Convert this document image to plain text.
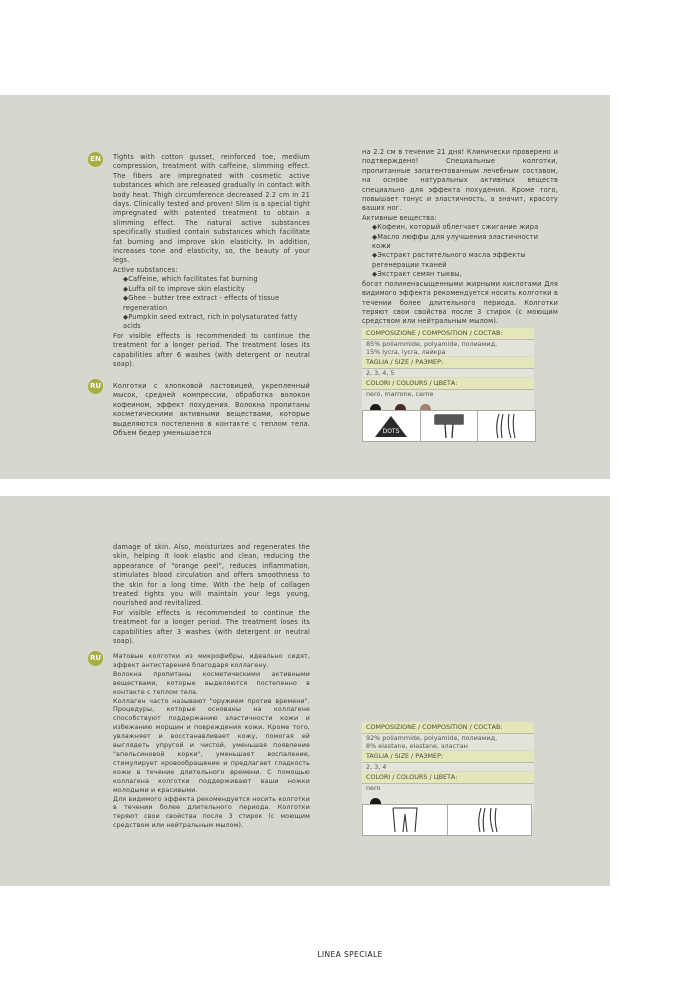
EN	Tights with cotton gusset, reinforced toe, medium compression, treatment with caffeine, slimming effect. The fibers are impregnated with cosmetic active substances which are released gradually in contact with body heat. Thigh circumference decreased 2.2 cm in 21 days. Clinically tested and proven! Slim is a special tight impregnated with patented treatment to obtain a slimming effect. The natural active substances specifically studied contain substances which facilitate fat burning and improve skin elasticity. In addition, increases tone and elasticity, so, the beauty of your legs.

Active substances:

◆Caffeine, which facilitates fat burning

◆Luffa oil to improve skin elasticity

◆Ghee - butter tree extract - effects of tissue regeneration

◆Pumpkin seed extract, rich in polysaturated fatty acids

For visible effects is recommended to continue the treatment for a longer period. The treatment loses its capabilities after 6 washes (with detergent or neutral soap).

RU Колготки с хлопковой ластовицей, укрепленный мысок, средней компрессии, обработка волокон кофеином, эффект похудения. Волокна пропитаны косметическими активными веществами, которые выделяются постепенно в контакте с теплом тела. Объем бедер уменьшается

на 2.2 см в течение 21 дня! Клинически проверено и подтверждено! Специальные колготки, пропитанные запатентованным лечебным составом, на основе натуральных активных веществ специально для эффекта похудения. Кроме того, повышает тонус и эластичность, а значит, красоту ваших ног.

Активные вещества:

◆Кофеин, который облегчает сжигание жира

◆Масло люффы для улучшения эластичности кожи

◆Экстракт растительного масла эффекты регенерации тканей

◆Экстракт семян тыквы,

богат полиненасыщенными жирными кислотами Для видимого эффекта рекомендуется носить колготки в течении более длительного периода. Колготки теряют свои свойства после 3 стирок (с моющим средством или нейтральным мылом).

COMPOSIZIONE / COMPOSITION / СОСТАВ:
85% poliammide, polyamide, полиамид,
15% lycra, lycra, лайкра
TAGLIA / SIZE / РАЗМЕР:
2, 3, 4, 5
COLORI / COLOURS / ЦВЕТА:
nero, marrone, carne
DOTS

damage of skin. Also, moisturizes and regenerates the skin, helping it look elastic and clean, reducing the appearance of "orange peel", reduces inflammation, stimulates blood circulation and offers smoothness to the skin for a long time. With the help of collagen treated tights you will maintain your legs young, nourished and revitalized.

For visible effects is recommended to continue the treatment for a longer period. The treatment loses its capabilities after 3 washes (with detergent or neutral soap).

RU	Матовые колготки из микрофибры, идеально сидят, эффект антистарения благодаря коллагену.

Волокна пропитаны косметическими активными веществами, которые выделяются постепенно в контакте с теплом тела.

Коллаген часто называют "оружием против времени". Процедуры, которые основаны на коллагене способствуют поддержанию эластичности кожи и избежанию морщин и повреждения кожи. Кроме того, увлажняет и восстанавливает кожу, помогая ей выглядеть упругой и чистой, уменьшая появление "апельсиновой корки", уменьшает воспаление, стимулирует кровообращение и предлагает гладкость кожи в течение длительного времени. С помощью коллагена колготки поддерживают ваши ножки молодыми и красивыми.

Для видимого эффекта рекомендуется носить колготки в течении более длительного периода. Колготки теряют свои свойства после 3 стирок (с моющим средством или нейтральным мылом).

COMPOSIZIONE / COMPOSITION / СОСТАВ:
92% poliammide, polyamide, полиамид,
8% elastane, elastane, эластан
TAGLIA / SIZE / РАЗМЕР:
2, 3, 4
COLORI / COLOURS / ЦВЕТА:
nero
LINEA SPECIALE
